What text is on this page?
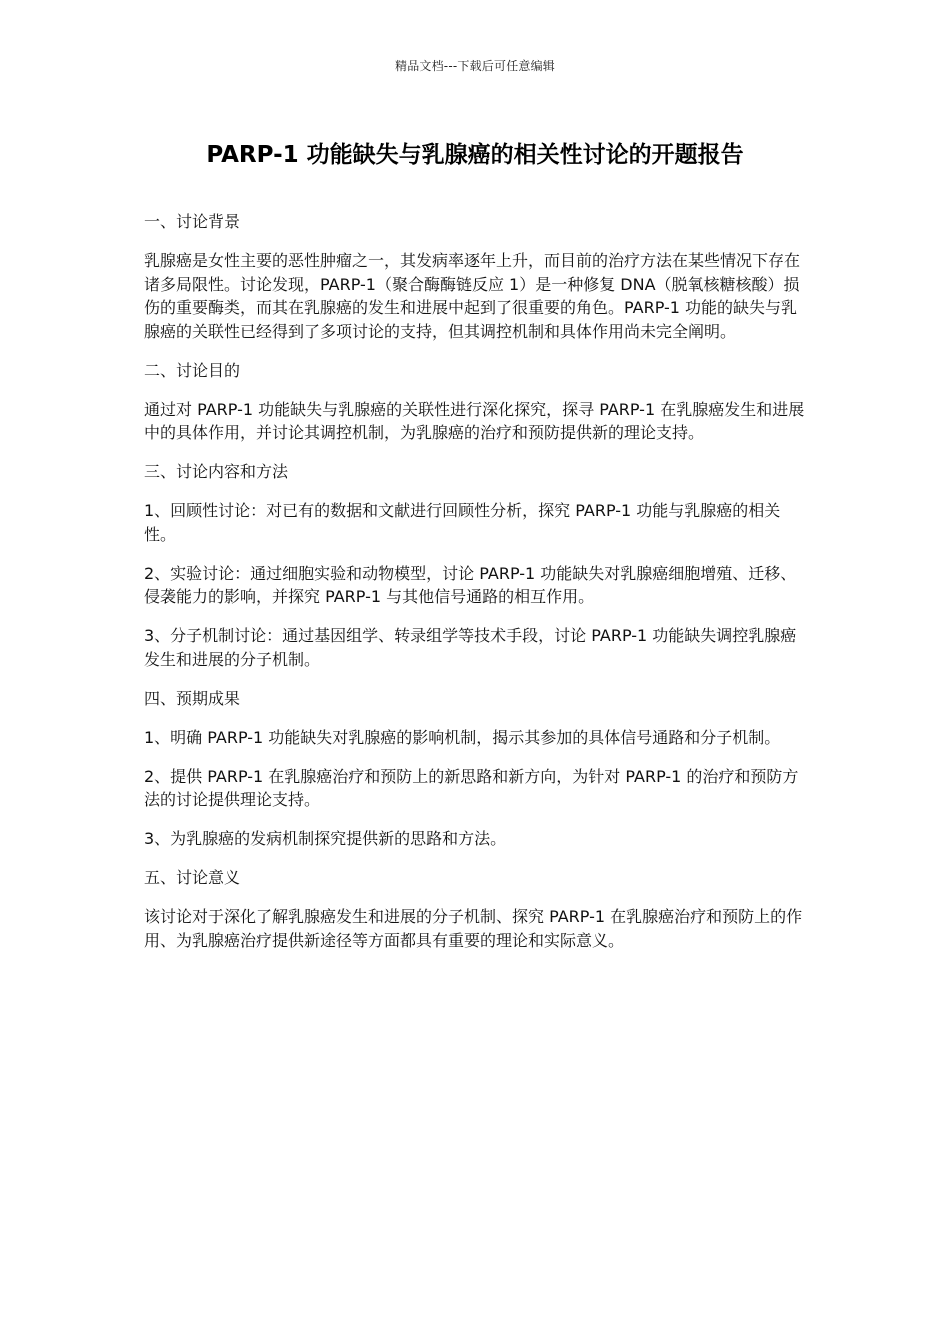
精品文档---下载后可任意编辑
PARP-1 功能缺失与乳腺癌的相关性讨论的开题报告

一、讨论背景

乳腺癌是女性主要的恶性肿瘤之一，其发病率逐年上升，而目前的治疗方法在某些情况下存在诸多局限性。讨论发现，PARP-1（聚合酶酶链反应 1）是一种修复 DNA（脱氧核糖核酸）损伤的重要酶类，而其在乳腺癌的发生和进展中起到了很重要的角色。PARP-1 功能的缺失与乳腺癌的关联性已经得到了多项讨论的支持，但其调控机制和具体作用尚未完全阐明。

二、讨论目的

通过对 PARP-1 功能缺失与乳腺癌的关联性进行深化探究，探寻 PARP-1 在乳腺癌发生和进展中的具体作用，并讨论其调控机制，为乳腺癌的治疗和预防提供新的理论支持。

三、讨论内容和方法

1、回顾性讨论：对已有的数据和文献进行回顾性分析，探究 PARP-1 功能与乳腺癌的相关性。

2、实验讨论：通过细胞实验和动物模型，讨论 PARP-1 功能缺失对乳腺癌细胞增殖、迁移、侵袭能力的影响，并探究 PARP-1 与其他信号通路的相互作用。

3、分子机制讨论：通过基因组学、转录组学等技术手段，讨论 PARP-1 功能缺失调控乳腺癌发生和进展的分子机制。

四、预期成果

1、明确 PARP-1 功能缺失对乳腺癌的影响机制，揭示其参加的具体信号通路和分子机制。

2、提供 PARP-1 在乳腺癌治疗和预防上的新思路和新方向，为针对 PARP-1 的治疗和预防方法的讨论提供理论支持。

3、为乳腺癌的发病机制探究提供新的思路和方法。

五、讨论意义

该讨论对于深化了解乳腺癌发生和进展的分子机制、探究 PARP-1 在乳腺癌治疗和预防上的作用、为乳腺癌治疗提供新途径等方面都具有重要的理论和实际意义。
